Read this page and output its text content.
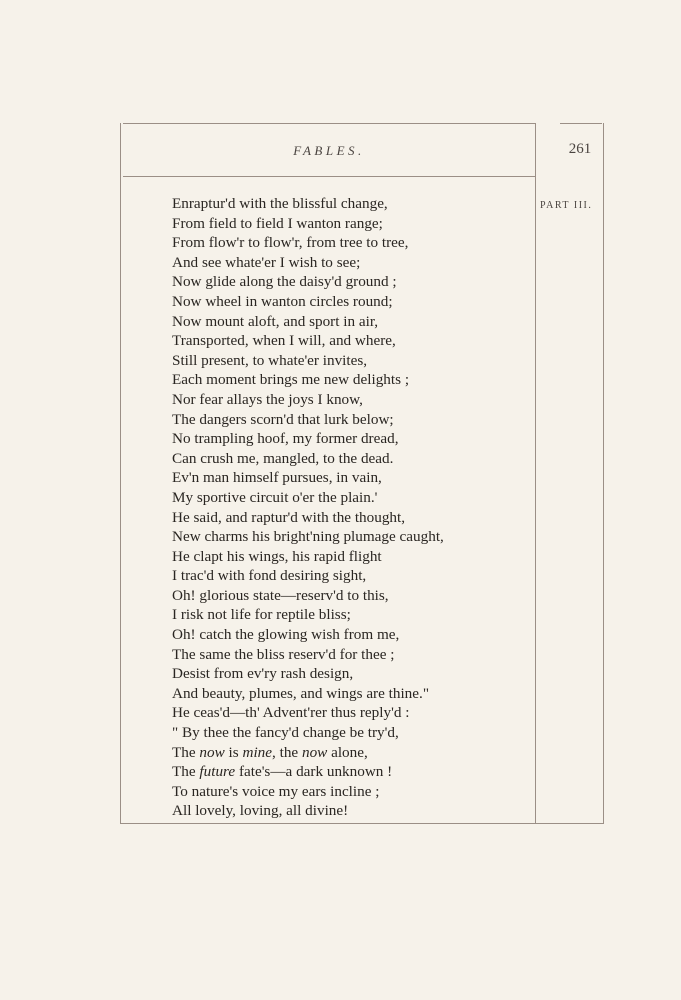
FABLES.	261
PART III.
Enraptur'd with the blissful change,
From field to field I wanton range;
From flow'r to flow'r, from tree to tree,
And see whate'er I wish to see;
Now glide along the daisy'd ground ;
Now wheel in wanton circles round;
Now mount aloft, and sport in air,
Transported, when I will, and where,
Still present, to whate'er invites,
Each moment brings me new delights ;
Nor fear allays the joys I know,
The dangers scorn'd that lurk below;
No trampling hoof, my former dread,
Can crush me, mangled, to the dead.
Ev'n man himself pursues, in vain,
My sportive circuit o'er the plain.'
He said, and raptur'd with the thought,
New charms his bright'ning plumage caught,
He clapt his wings, his rapid flight
I trac'd with fond desiring sight,
Oh! glorious state—reserv'd to this,
I risk not life for reptile bliss;
Oh! catch the glowing wish from me,
The same the bliss reserv'd for thee ;
Desist from ev'ry rash design,
And beauty, plumes, and wings are thine."
He ceas'd—th' Advent'rer thus reply'd :
" By thee the fancy'd change be try'd,
The now is mine, the now alone,
The future fate's—a dark unknown !
To nature's voice my ears incline ;
All lovely, loving, all divine!
